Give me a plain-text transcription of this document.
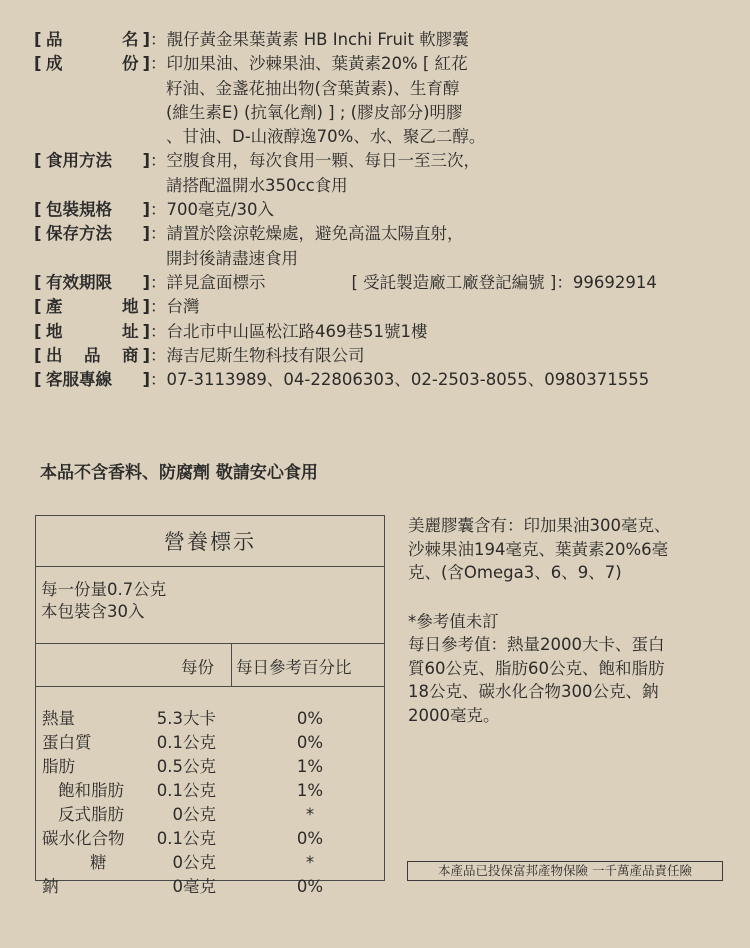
[ 品	名 ] ：靚仔黃金果葉黃素 HB Inchi Fruit 軟膠囊
[ 成	份 ] ：印加果油、沙棘果油、葉黃素20% [ 紅花
籽油、金盞花抽出物(含葉黃素)、生育醇
(維生素E) (抗氧化劑) ] ; (膠皮部分)明膠
、甘油、D-山液醇逸70%、水、聚乙二醇。
[ 食用方法 ] ：空腹食用，每次食用一顆、每日一至三次，
請搭配溫開水350cc食用
[ 包裝規格 ] ：700毫克/30入
[ 保存方法 ] ：請置於陰涼乾燥處，避免高溫太陽直射，
開封後請盡速食用
[ 有效期限 ] ：詳見盒面標示	[ 受託製造廠工廠登記編號 ]：99692914
[ 產	地 ] ：台灣
[ 地	址 ] ：台北市中山區松江路469巷51號1樓
[ 出 品 商 ] ：海吉尼斯生物科技有限公司
[ 客服專線 ] ：07-3113989、04-22806303、02-2503-8055、0980371555
本品不含香料、防腐劑 敬請安心食用
營養標示
每一份量0.7公克
本包裝含30入
每份 每日參考百分比
熱量	5.3大卡	0%
蛋白質	0.1公克	0%
脂肪	0.5公克	1%
飽和脂肪 0.1公克	1%
反式脂肪	0公克	*
碳水化合物 0.1公克	0%
糖	0公克	*
鈉	0毫克	0%

美麗膠囊含有：印加果油300毫克、

沙棘果油194毫克、葉黃素20%6毫

克、(含Omega3、6、9、7)

*參考值未訂

每日參考值：熱量2000大卡、蛋白

質60公克、脂肪60公克、飽和脂肪

18公克、碳水化合物300公克、鈉

2000毫克。

本產品已投保富邦產物保險 一千萬產品責任險
